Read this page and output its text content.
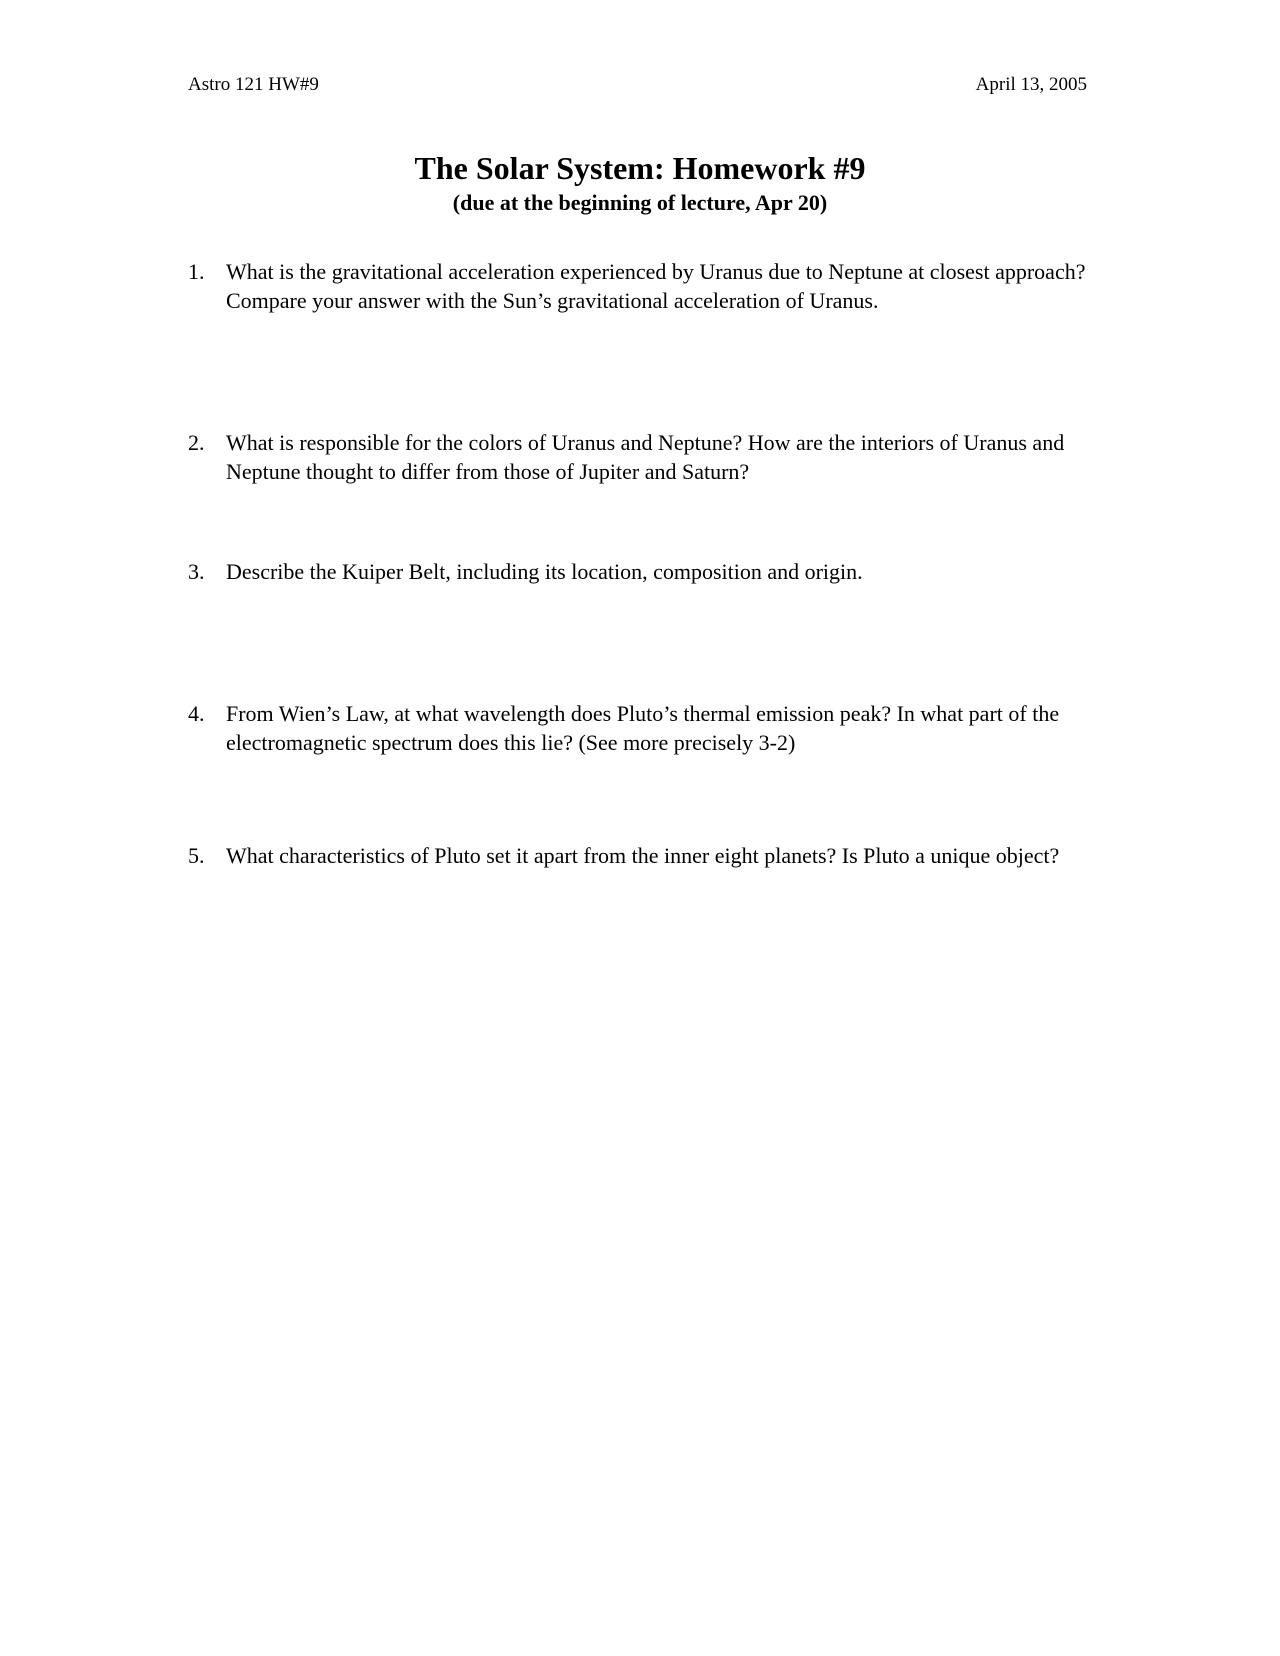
Astro 121 HW#9	April 13, 2005
The Solar System: Homework #9
(due at the beginning of lecture, Apr 20)
1. What is the gravitational acceleration experienced by Uranus due to Neptune at closest approach? Compare your answer with the Sun’s gravitational acceleration of Uranus.
2. What is responsible for the colors of Uranus and Neptune? How are the interiors of Uranus and Neptune thought to differ from those of Jupiter and Saturn?
3. Describe the Kuiper Belt, including its location, composition and origin.
4. From Wien’s Law, at what wavelength does Pluto’s thermal emission peak? In what part of the electromagnetic spectrum does this lie? (See more precisely 3-2)
5. What characteristics of Pluto set it apart from the inner eight planets? Is Pluto a unique object?
